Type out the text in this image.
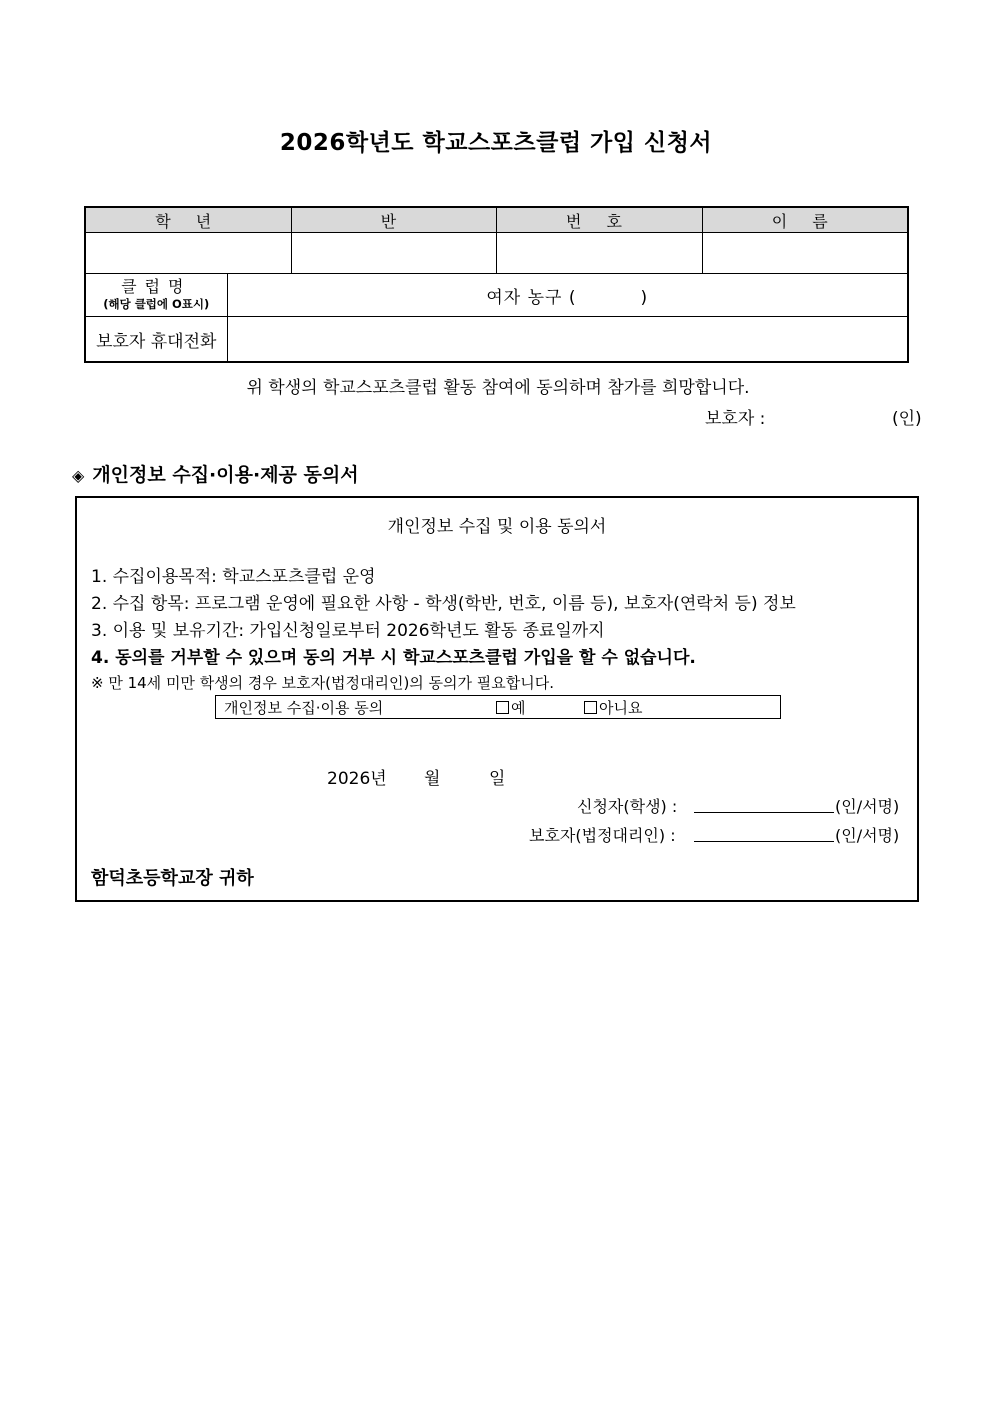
2026학년도 학교스포츠클럽 가입 신청서
학 년		반	번 호	이 름

클럽명
(해당 클럽에 O표시)	여자 농구 (          )			
보호자 휴대전화				
위 학생의 학교스포츠클럽 활동 참여에 동의하며 참가를 희망합니다.
보호자 :	(인)
◈ 개인정보 수집·이용·제공 동의서
개인정보 수집 및 이용 동의서
1. 수집이용목적: 학교스포츠클럽 운영
2. 수집 항목: 프로그램 운영에 필요한 사항 - 학생(학반, 번호, 이름 등), 보호자(연락처 등) 정보
3. 이용 및 보유기간: 가입신청일로부터 2026학년도 활동 종료일까지
4. 동의를 거부할 수 있으며 동의 거부 시 학교스포츠클럽 가입을 할 수 없습니다.
※ 만 14세 미만 학생의 경우 보호자(법정대리인)의 동의가 필요합니다.
개인정보 수집·이용 동의	예	아니요
2026년 월	일
신청자(학생) :	(인/서명)
보호자(법정대리인) :	(인/서명)
함덕초등학교장 귀하
